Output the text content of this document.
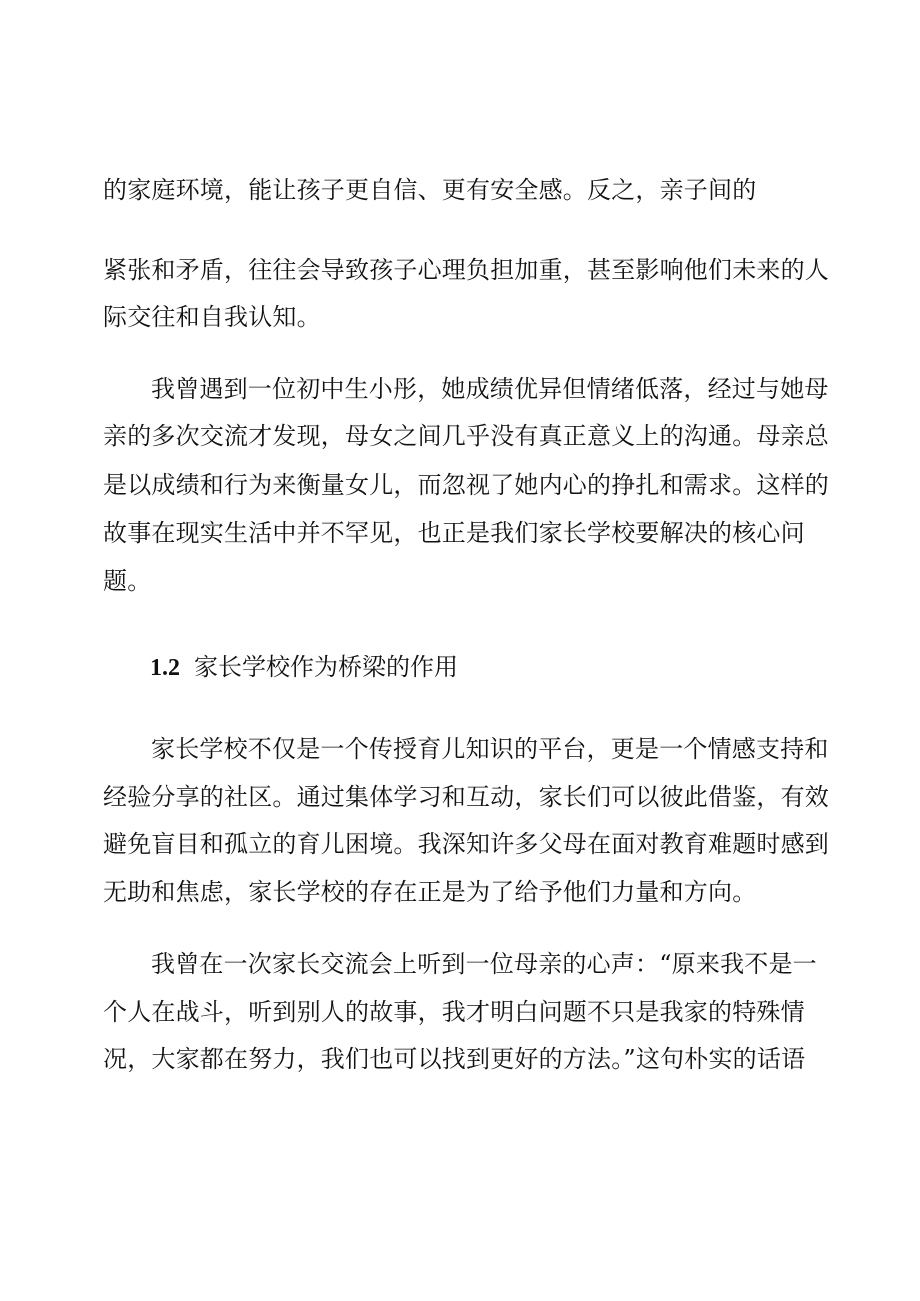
的家庭环境，能让孩子更自信、更有安全感。反之，亲子间的
紧张和矛盾，往往会导致孩子心理负担加重，甚至影响他们未来的人
际交往和自我认知。
我曾遇到一位初中生小彤，她成绩优异但情绪低落，经过与她母
亲的多次交流才发现，母女之间几乎没有真正意义上的沟通。母亲总
是以成绩和行为来衡量女儿，而忽视了她内心的挣扎和需求。这样的
故事在现实生活中并不罕见，也正是我们家长学校要解决的核心问
题。
1.2 家长学校作为桥梁的作用
家长学校不仅是一个传授育儿知识的平台，更是一个情感支持和
经验分享的社区。通过集体学习和互动，家长们可以彼此借鉴，有效
避免盲目和孤立的育儿困境。我深知许多父母在面对教育难题时感到
无助和焦虑，家长学校的存在正是为了给予他们力量和方向。
我曾在一次家长交流会上听到一位母亲的心声：“原来我不是一
个人在战斗，听到别人的故事，我才明白问题不只是我家的特殊情
况，大家都在努力，我们也可以找到更好的方法。”这句朴实的话语
